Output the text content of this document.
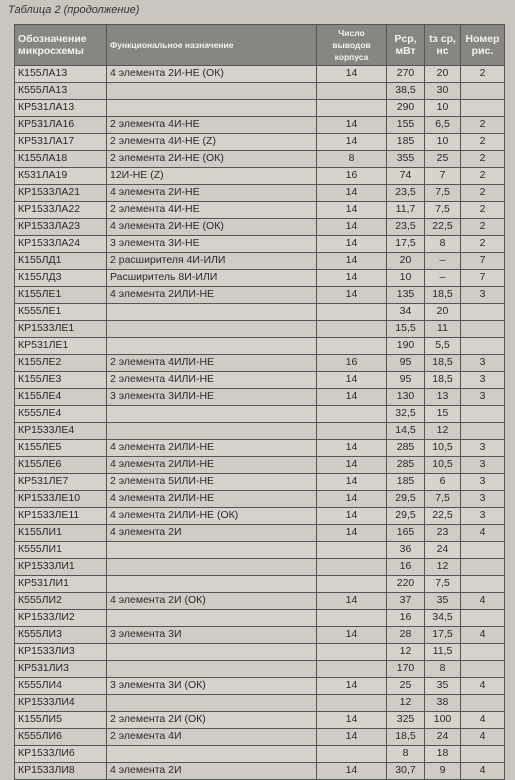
Таблица 2 (продолжение)
Обозначение микросхемы	Функциональное назначение	Число выводов корпуса	Pср, мВт	tз ср, нс	Номер рис.
К155ЛА13	4 элемента 2И-НЕ (ОК)	14	270	20	2
К555ЛА13			38,5	30	
КР531ЛА13			290	10	
КР531ЛА16	2 элемента 4И-НЕ	14	155	6,5	2
КР531ЛА17	2 элемента 4И-НЕ (Z)	14	185	10	2
К155ЛА18	2 элемента 2И-НЕ (ОК)	8	355	25	2
К531ЛА19	12И-НЕ (Z)	16	74	7	2
КР1533ЛА21	4 элемента 2И-НЕ	14	23,5	7,5	2
КР1533ЛА22	2 элемента 4И-НЕ	14	11,7	7,5	2
КР1533ЛА23	4 элемента 2И-НЕ (ОК)	14	23,5	22,5	2
КР1533ЛА24	3 элемента 3И-НЕ	14	17,5	8	2
К155ЛД1	2 расширителя 4И-ИЛИ	14	20	–	7
К155ЛД3	Расширитель 8И-ИЛИ	14	10	–	7
К155ЛЕ1	4 элемента 2ИЛИ-НЕ	14	135	18,5	3
К555ЛЕ1			34	20	
КР1533ЛЕ1			15,5	11	
КР531ЛЕ1			190	5,5	
К155ЛЕ2	2 элемента 4ИЛИ-НЕ	16	95	18,5	3
К155ЛЕ3	2 элемента 4ИЛИ-НЕ	14	95	18,5	3
К155ЛЕ4	3 элемента 3ИЛИ-НЕ	14	130	13	3
К555ЛЕ4			32,5	15	
КР1533ЛЕ4			14,5	12	
К155ЛЕ5	4 элемента 2ИЛИ-НЕ	14	285	10,5	3
К155ЛЕ6	4 элемента 2ИЛИ-НЕ	14	285	10,5	3
КР531ЛЕ7	2 элемента 5ИЛИ-НЕ	14	185	6	3
КР1533ЛЕ10	4 элемента 2ИЛИ-НЕ	14	29,5	7,5	3
КР1533ЛЕ11	4 элемента 2ИЛИ-НЕ (ОК)	14	29,5	22,5	3
К155ЛИ1	4 элемента 2И	14	165	23	4
К555ЛИ1			36	24	
КР1533ЛИ1			16	12	
КР531ЛИ1			220	7,5	
К555ЛИ2	4 элемента 2И (ОК)	14	37	35	4
КР1533ЛИ2			16	34,5	
К555ЛИ3	3 элемента 3И	14	28	17,5	4
КР1533ЛИ3			12	11,5	
КР531ЛИ3			170	8	
К555ЛИ4	3 элемента 3И (ОК)	14	25	35	4
КР1533ЛИ4			12	38	
К155ЛИ5	2 элемента 2И (ОК)	14	325	100	4
К555ЛИ6	2 элемента 4И	14	18,5	24	4
КР1533ЛИ6			8	18	
КР1533ЛИ8	4 элемента 2И	14	30,7	9	4
